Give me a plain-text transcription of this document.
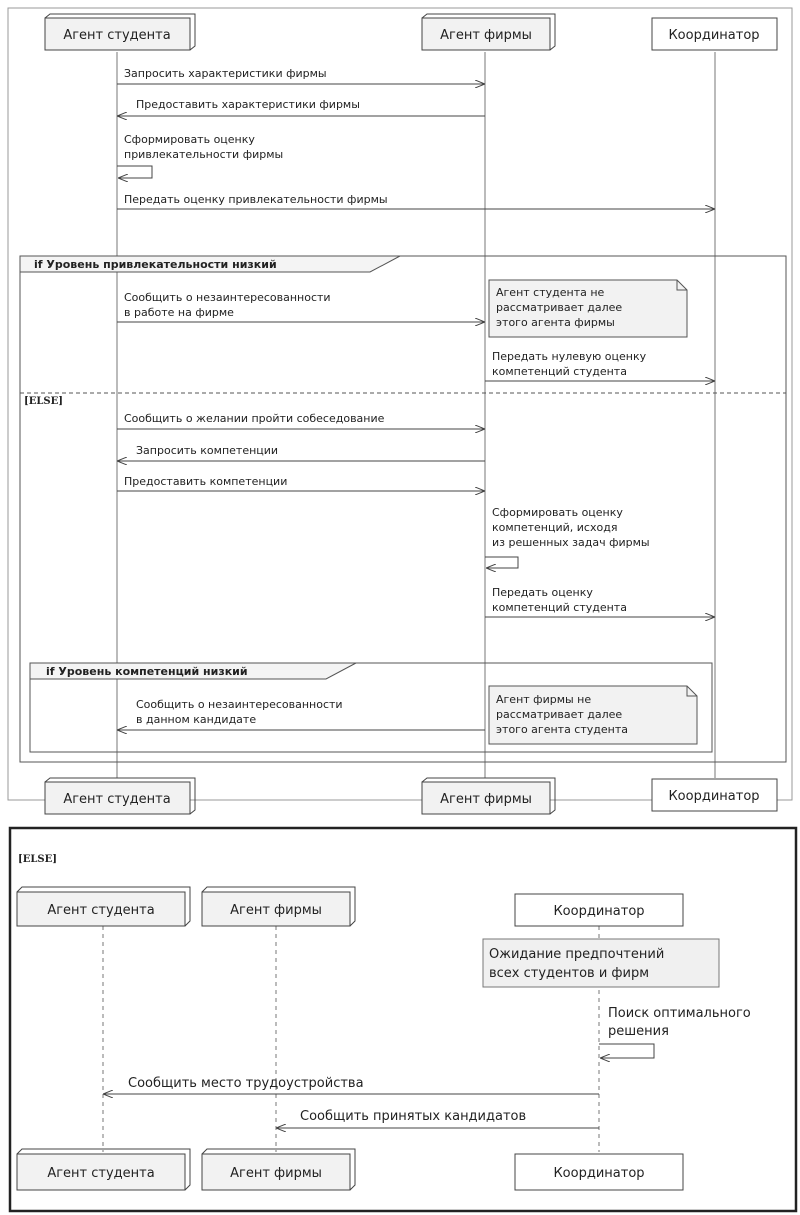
Агент студента	Агент фирмы	Координатор
Запросить характеристики фирмы
Предоставить характеристики фирмы
Сформировать оценку
привлекательности фирмы
Передать оценку привлекательности фирмы
if Уровень привлекательности низкий
Сообщить о незаинтересованности
в работе на фирме
Агент студента не
рассматривает далее
этого агента фирмы
Передать нулевую оценку
компетенций студента
[ELSE]
Сообщить о желании пройти собеседование
Запросить компетенции
Предоставить компетенции
Сформировать оценку
компетенций, исходя
из решенных задач фирмы
Передать оценку
компетенций студента
if Уровень компетенций низкий
Сообщить о незаинтересованности
в данном кандидате
Агент фирмы не
рассматривает далее
этого агента студента
Агент студента	Агент фирмы	Координатор
[ELSE]
Агент студента	Агент фирмы	Координатор
Ожидание предпочтений
всех студентов и фирм
Поиск оптимального
решения
Сообщить место трудоустройства
Сообщить принятых кандидатов
Агент студента	Агент фирмы	Координатор
